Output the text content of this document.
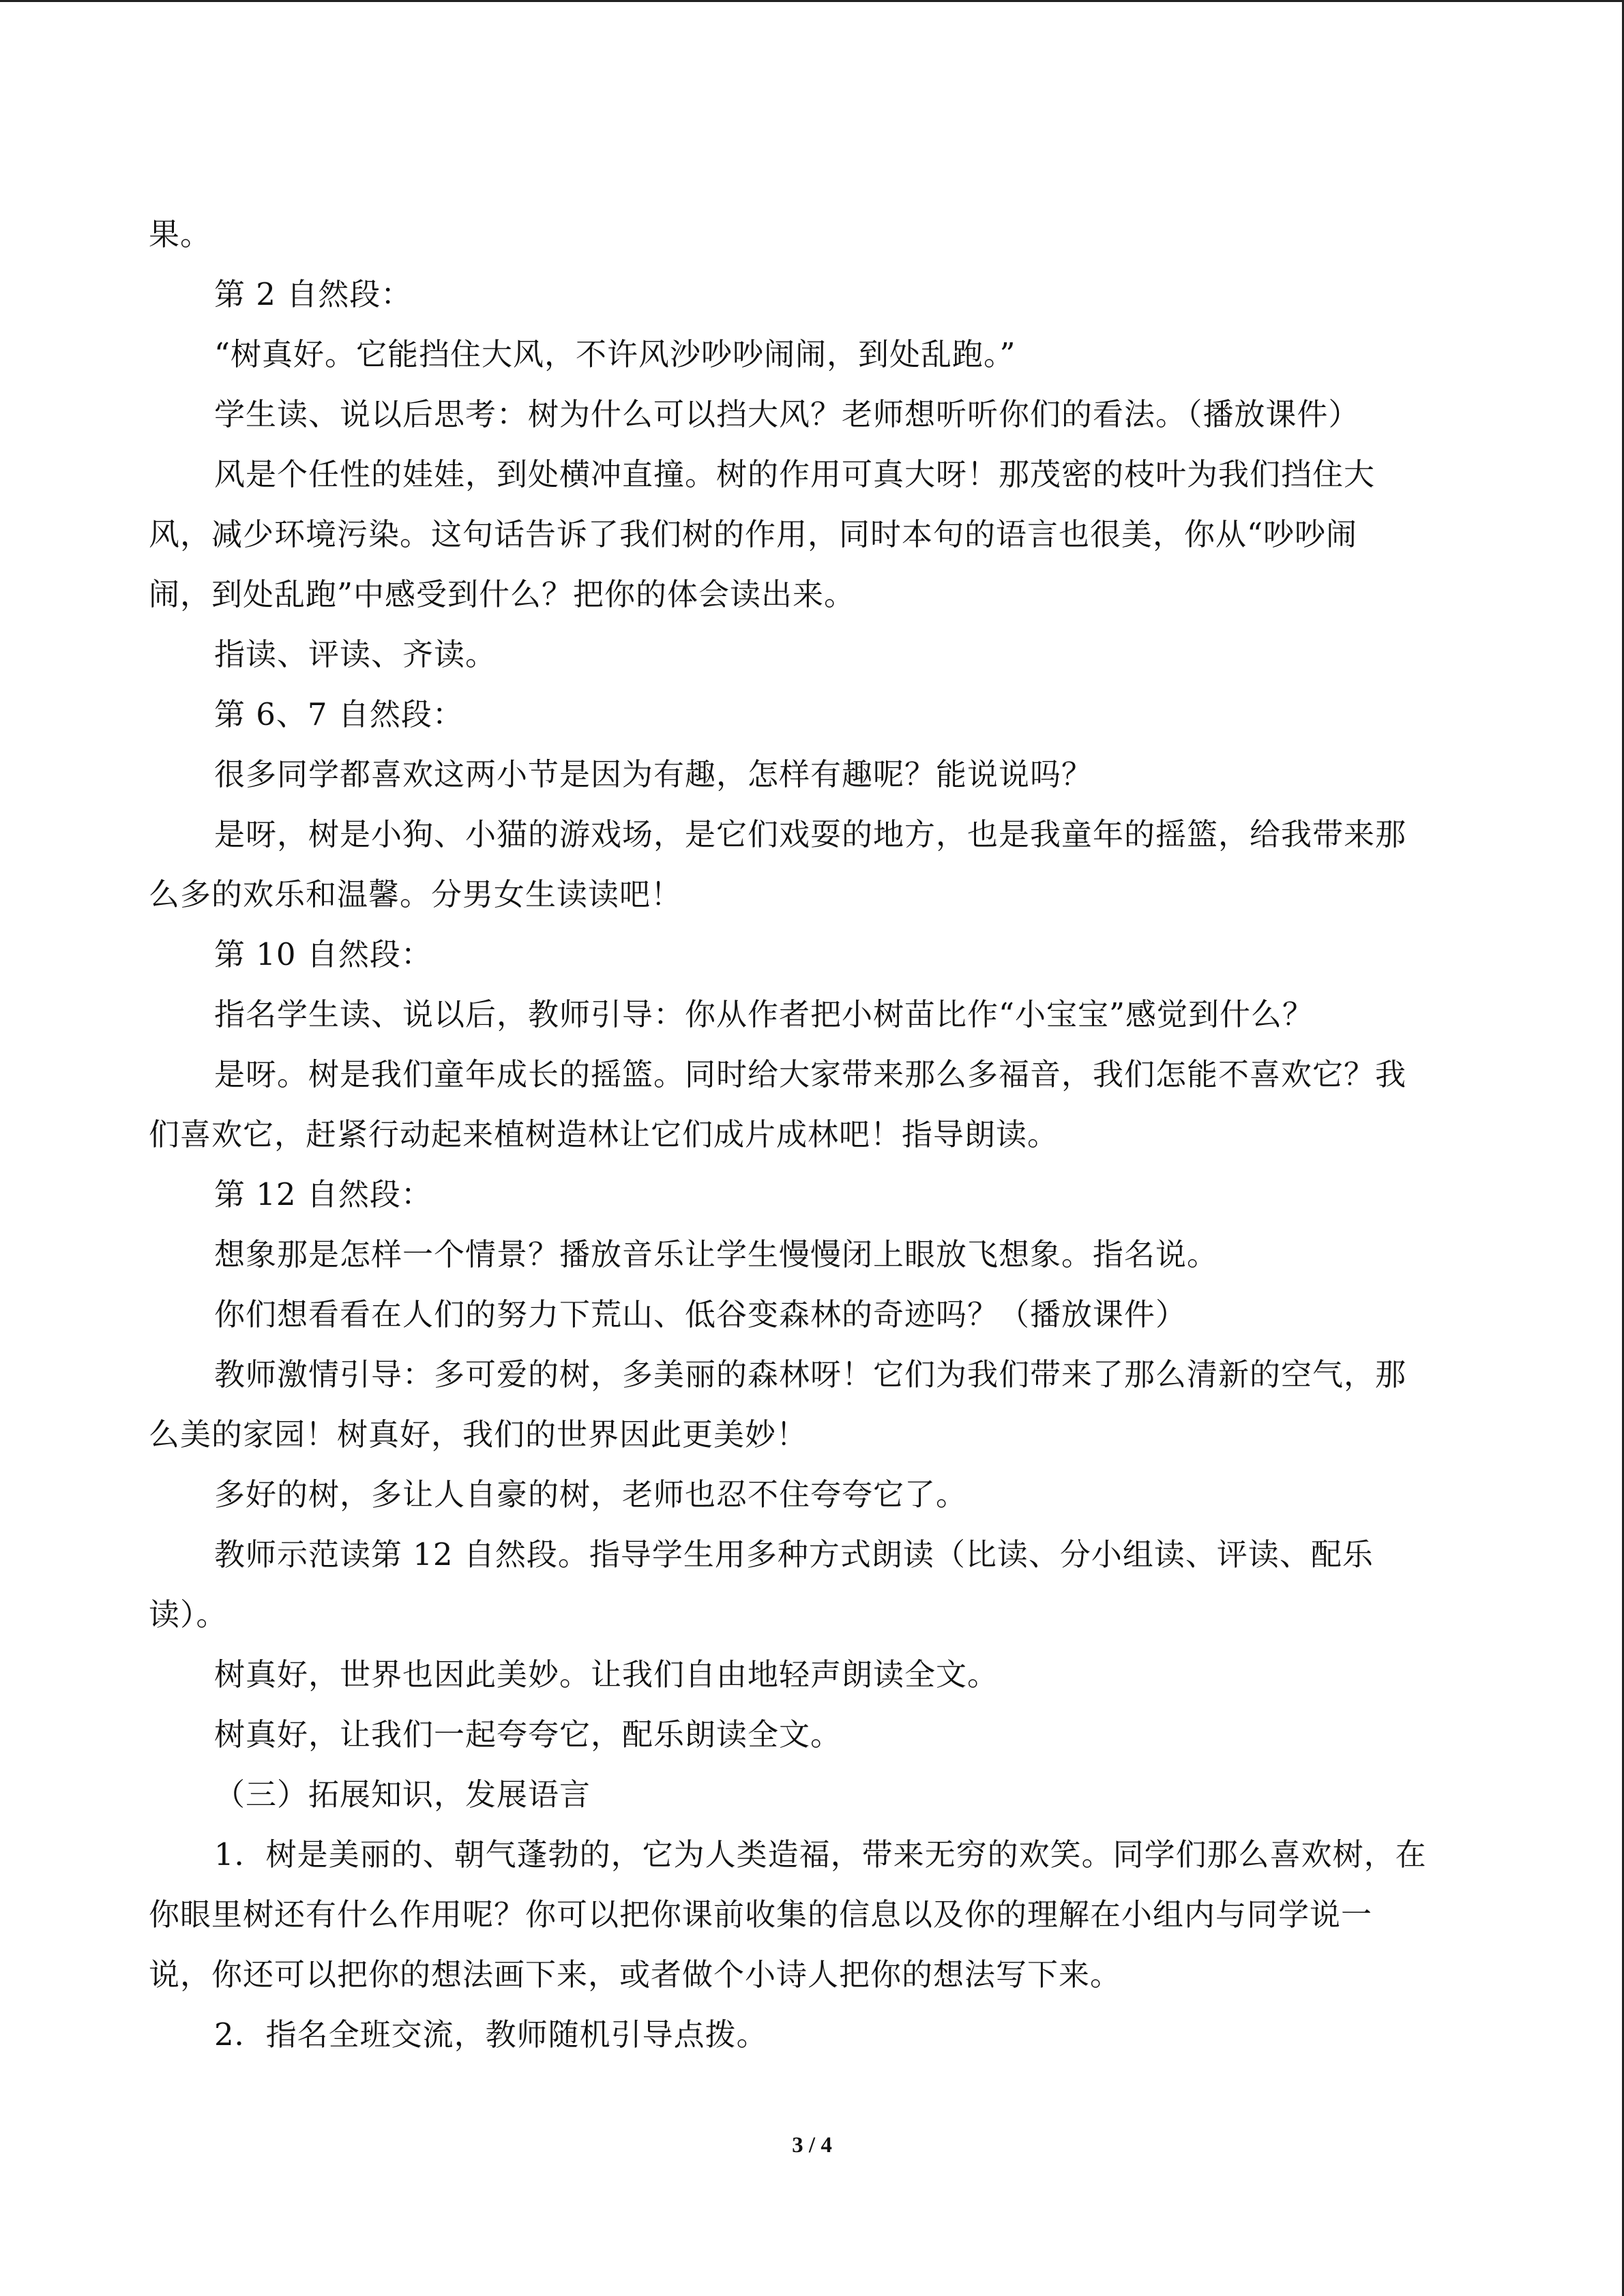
果。
第 2 自然段：
“树真好。它能挡住大风，不许风沙吵吵闹闹，到处乱跑。”
学生读、说以后思考：树为什么可以挡大风？老师想听听你们的看法。（播放课件）
风是个任性的娃娃，到处横冲直撞。树的作用可真大呀！那茂密的枝叶为我们挡住大
风，减少环境污染。这句话告诉了我们树的作用，同时本句的语言也很美，你从“吵吵闹
闹，到处乱跑”中感受到什么？把你的体会读出来。
指读、评读、齐读。
第 6、7 自然段：
很多同学都喜欢这两小节是因为有趣，怎样有趣呢？能说说吗？
是呀，树是小狗、小猫的游戏场，是它们戏耍的地方，也是我童年的摇篮，给我带来那
么多的欢乐和温馨。分男女生读读吧！
第 10 自然段：
指名学生读、说以后，教师引导：你从作者把小树苗比作“小宝宝”感觉到什么？
是呀。树是我们童年成长的摇篮。同时给大家带来那么多福音，我们怎能不喜欢它？我
们喜欢它，赶紧行动起来植树造林让它们成片成林吧！指导朗读。
第 12 自然段：
想象那是怎样一个情景？播放音乐让学生慢慢闭上眼放飞想象。指名说。
你们想看看在人们的努力下荒山、低谷变森林的奇迹吗？（播放课件）
教师激情引导：多可爱的树，多美丽的森林呀！它们为我们带来了那么清新的空气，那
么美的家园！树真好，我们的世界因此更美妙！
多好的树，多让人自豪的树，老师也忍不住夸夸它了。
教师示范读第 12 自然段。指导学生用多种方式朗读（比读、分小组读、评读、配乐
读）。
树真好，世界也因此美妙。让我们自由地轻声朗读全文。
树真好，让我们一起夸夸它，配乐朗读全文。
（三）拓展知识，发展语言
1．树是美丽的、朝气蓬勃的，它为人类造福，带来无穷的欢笑。同学们那么喜欢树，在
你眼里树还有什么作用呢？你可以把你课前收集的信息以及你的理解在小组内与同学说一
说，你还可以把你的想法画下来，或者做个小诗人把你的想法写下来。
2．指名全班交流，教师随机引导点拨。
3 / 4
